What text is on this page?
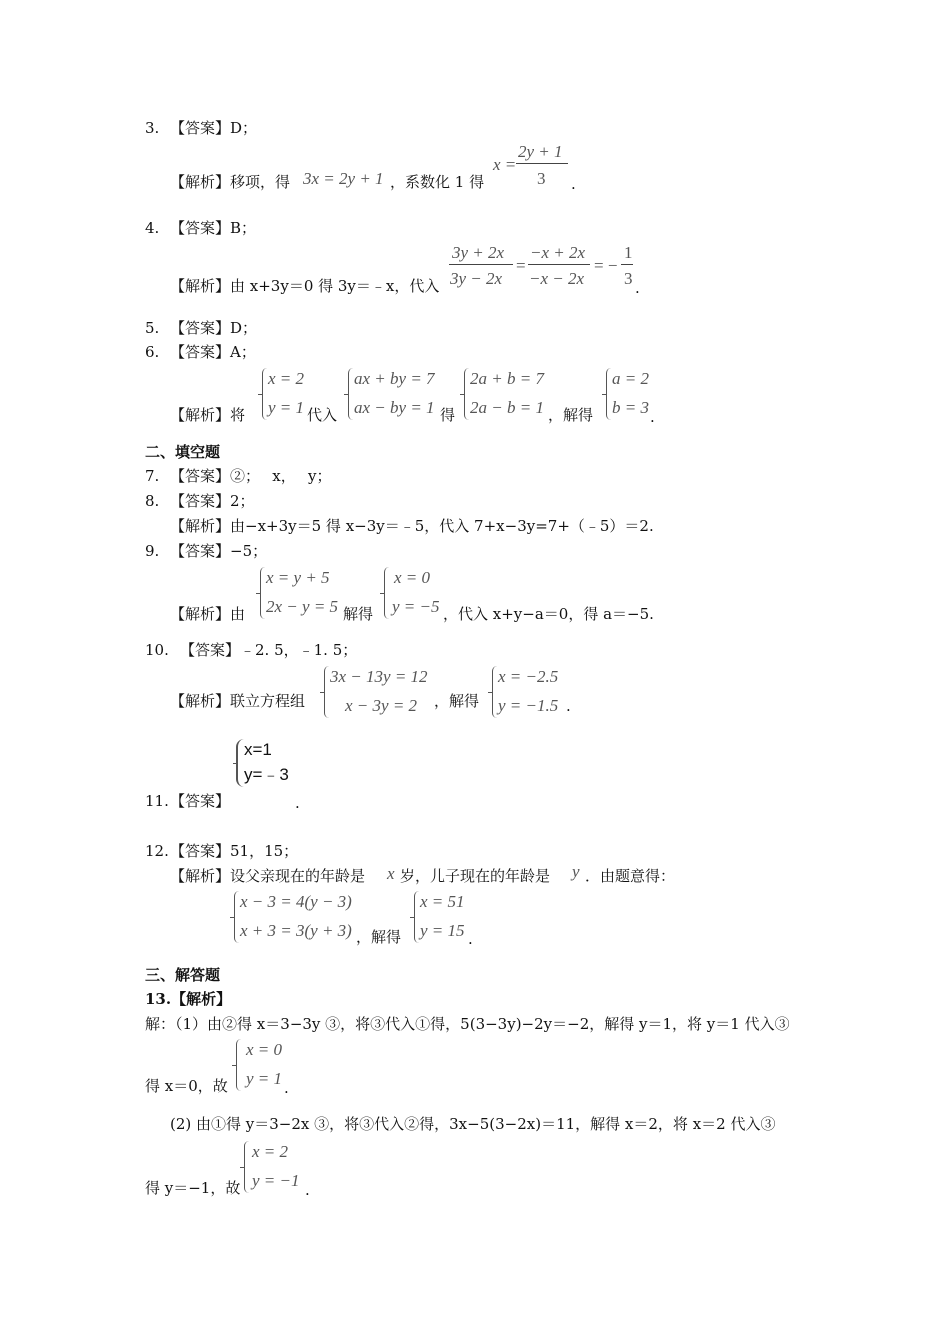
3. 【答案】D；
【解析】移项，得 3x = 2y + 1 ，系数化 1 得
x =
2y + 1
3 .
4. 【答案】B；
【解析】由 x+3y＝0 得 3y＝﹣x，代入
3y + 2x
3y − 2x
=
−x + 2x
−x − 2x
= −
1
3 .
5. 【答案】D；
6. 【答案】A；
【解析】将
x = 2
y = 1 代入
ax + by = 7
ax − by = 1 得
2a + b = 7
2a − b = 1 ，解得
a = 2
b = 3 .
二、填空题
7. 【答案】②；　 x，　 y；
8. 【答案】2；
【解析】由−x+3y＝5 得 x−3y＝﹣5，代入 7+x−3y=7+（﹣5）＝2.
9. 【答案】−5；
【解析】由
x = y + 5
2x − y = 5 解得
x = 0
y = −5 ，代入 x+y−a＝0，得 a＝−5.
10. 【答案】﹣2. 5，﹣1. 5；
【解析】联立方程组
3x − 13y = 12
x − 3y = 2 ，解得
x = −2.5
y = −1.5 .
11. 【答案】
x=1
y=﹣3
.
12. 【答案】51，15；
【解析】设父亲现在的年龄是 x 岁，儿子现在的年龄是 y ．由题意得：
x − 3 = 4(y − 3)
x + 3 = 3(y + 3) ，解得
x = 51
y = 15 .
三、解答题
13.【解析】
解：（1）由②得 x＝3−3y ③，将③代入①得，5(3−3y)−2y＝−2，解得 y＝1，将 y＝1 代入③
得 x＝0，故
x = 0
y = 1 .
(2) 由①得 y＝3−2x ③，将③代入②得，3x−5(3−2x)＝11，解得 x＝2，将 x＝2 代入③
得 y＝−1，故
x = 2
y = −1 .
